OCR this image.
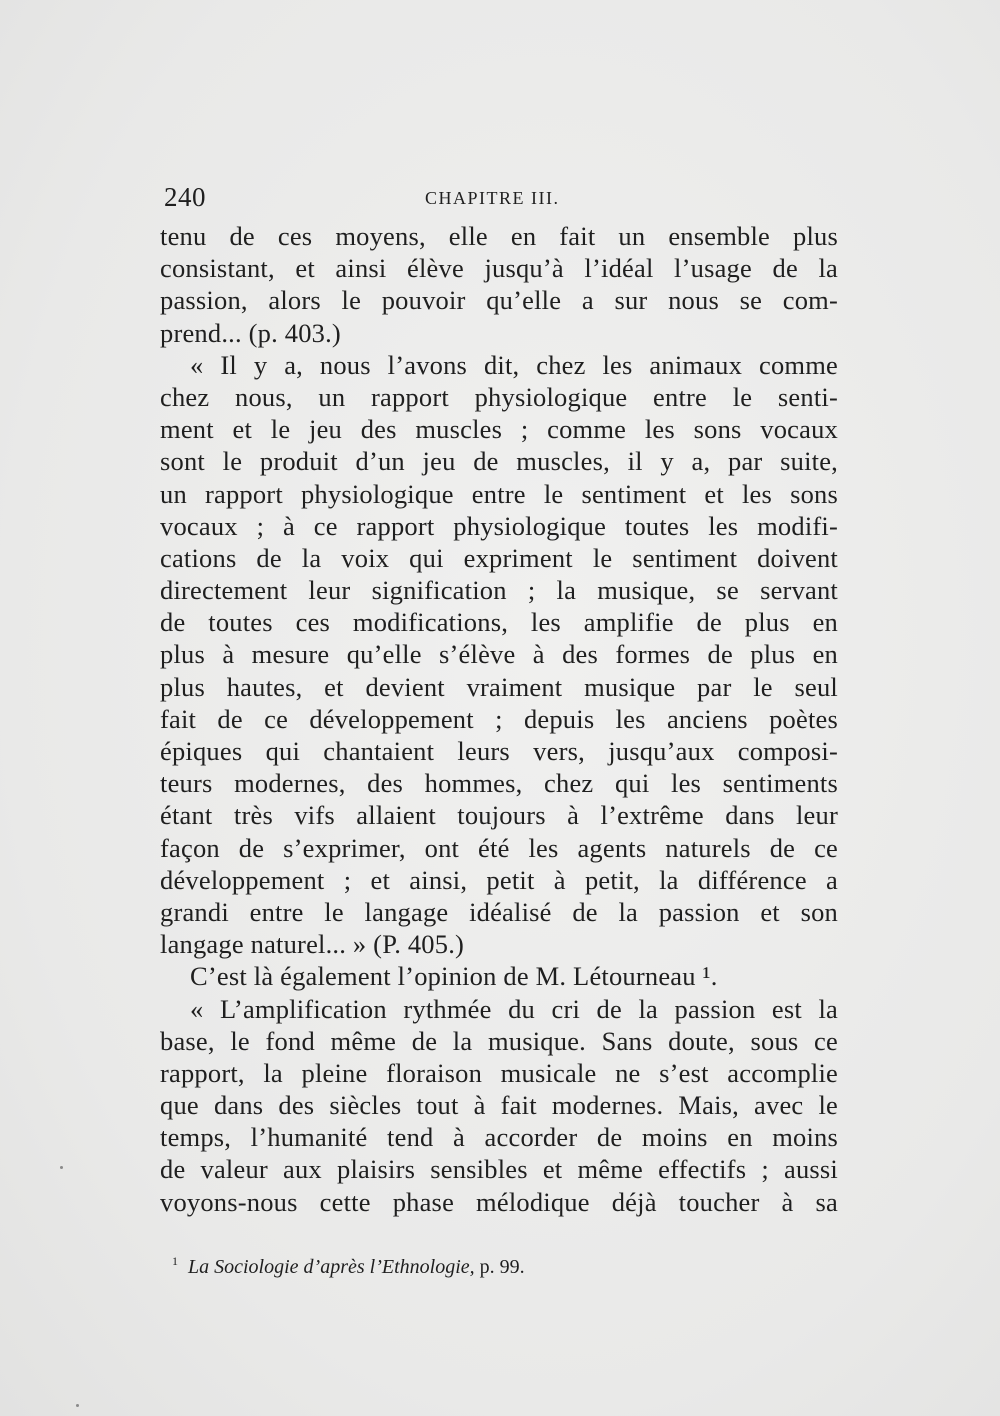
240	CHAPITRE III.
tenu de ces moyens, elle en fait un ensemble plus
consistant, et ainsi élève jusqu’à l’idéal l’usage de la
passion, alors le pouvoir qu’elle a sur nous se com-
prend... (p. 403.)
« Il y a, nous l’avons dit, chez les animaux comme
chez nous, un rapport physiologique entre le senti-
ment et le jeu des muscles ; comme les sons vocaux
sont le produit d’un jeu de muscles, il y a, par suite,
un rapport physiologique entre le sentiment et les sons
vocaux ; à ce rapport physiologique toutes les modifi-
cations de la voix qui expriment le sentiment doivent
directement leur signification ; la musique, se servant
de toutes ces modifications, les amplifie de plus en
plus à mesure qu’elle s’élève à des formes de plus en
plus hautes, et devient vraiment musique par le seul
fait de ce développement ; depuis les anciens poètes
épiques qui chantaient leurs vers, jusqu’aux composi-
teurs modernes, des hommes, chez qui les sentiments
étant très vifs allaient toujours à l’extrême dans leur
façon de s’exprimer, ont été les agents naturels de ce
développement ; et ainsi, petit à petit, la différence a
grandi entre le langage idéalisé de la passion et son
langage naturel... » (P. 405.)
C’est là également l’opinion de M. Létourneau ¹.
« L’amplification rythmée du cri de la passion est la
base, le fond même de la musique. Sans doute, sous ce
rapport, la pleine floraison musicale ne s’est accomplie
que dans des siècles tout à fait modernes. Mais, avec le
temps, l’humanité tend à accorder de moins en moins
de valeur aux plaisirs sensibles et même effectifs ; aussi
voyons-nous cette phase mélodique déjà toucher à sa
$^1$ La Sociologie d’après l’Ethnologie, p. 99.
